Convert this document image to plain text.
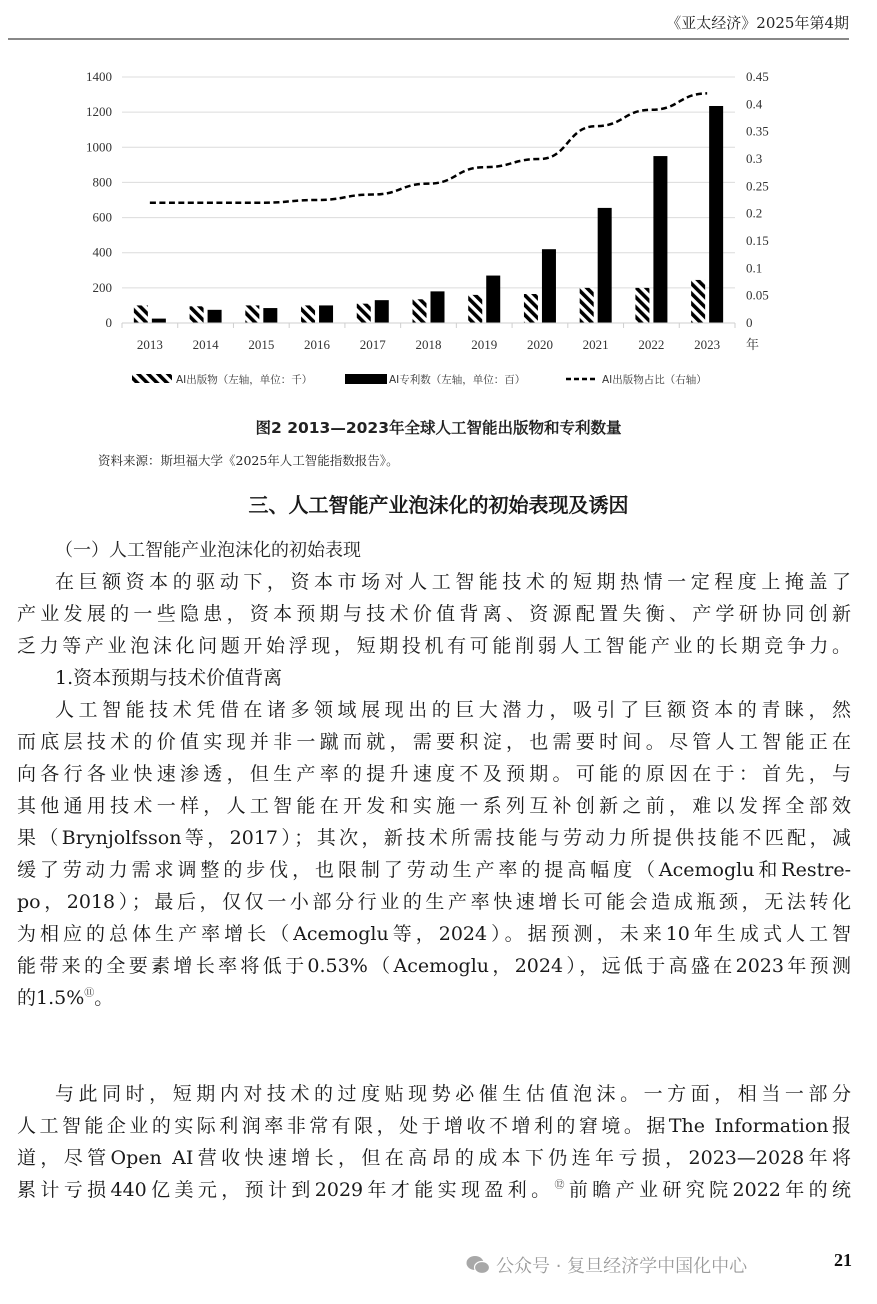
《亚太经济》2025年第4期
0
200
400
600
800
1000
1200
1400
0
0.05
0.1
0.15
0.2
0.25
0.3
0.35
0.4
0.45
2013 2014 2015 2016 2017 2018 2019 2020 2021 2022 2023 年
AI出版物（左轴，单位：千）	AI专利数（左轴，单位：百）	AI出版物占比（右轴）
图2 2013—2023年全球人工智能出版物和专利数量
资料来源：斯坦福大学《2025年人工智能指数报告》。
三、人工智能产业泡沫化的初始表现及诱因
（一）人工智能产业泡沫化的初始表现
在巨额资本的驱动下，资本市场对人工智能技术的短期热情一定程度上掩盖了
产业发展的一些隐患，资本预期与技术价值背离、资源配置失衡、产学研协同创新
乏力等产业泡沫化问题开始浮现，短期投机有可能削弱人工智能产业的长期竞争力。
1.资本预期与技术价值背离
人工智能技术凭借在诸多领域展现出的巨大潜力，吸引了巨额资本的青睐，然
而底层技术的价值实现并非一蹴而就，需要积淀，也需要时间。尽管人工智能正在
向各行各业快速渗透，但生产率的提升速度不及预期。可能的原因在于：首先，与
其他通用技术一样，人工智能在开发和实施一系列互补创新之前，难以发挥全部效
果（Brynjolfsson等，2017）；其次，新技术所需技能与劳动力所提供技能不匹配，减
缓了劳动力需求调整的步伐，也限制了劳动生产率的提高幅度（Acemoglu和Restre-
po，2018）；最后，仅仅一小部分行业的生产率快速增长可能会造成瓶颈，无法转化
为相应的总体生产率增长（Acemoglu等，2024）。据预测，未来10年生成式人工智
能带来的全要素增长率将低于0.53%（Acemoglu，2024），远低于高盛在2023年预测
的1.5%⑪。
与此同时，短期内对技术的过度贴现势必催生估值泡沫。一方面，相当一部分
人工智能企业的实际利润率非常有限，处于增收不增利的窘境。据The Information报
道，尽管Open AI营收快速增长，但在高昂的成本下仍连年亏损，2023—2028年将
累计亏损440亿美元，预计到2029年才能实现盈利。⑫前瞻产业研究院2022年的统
公众号 · 复旦经济学中国化中心	21
